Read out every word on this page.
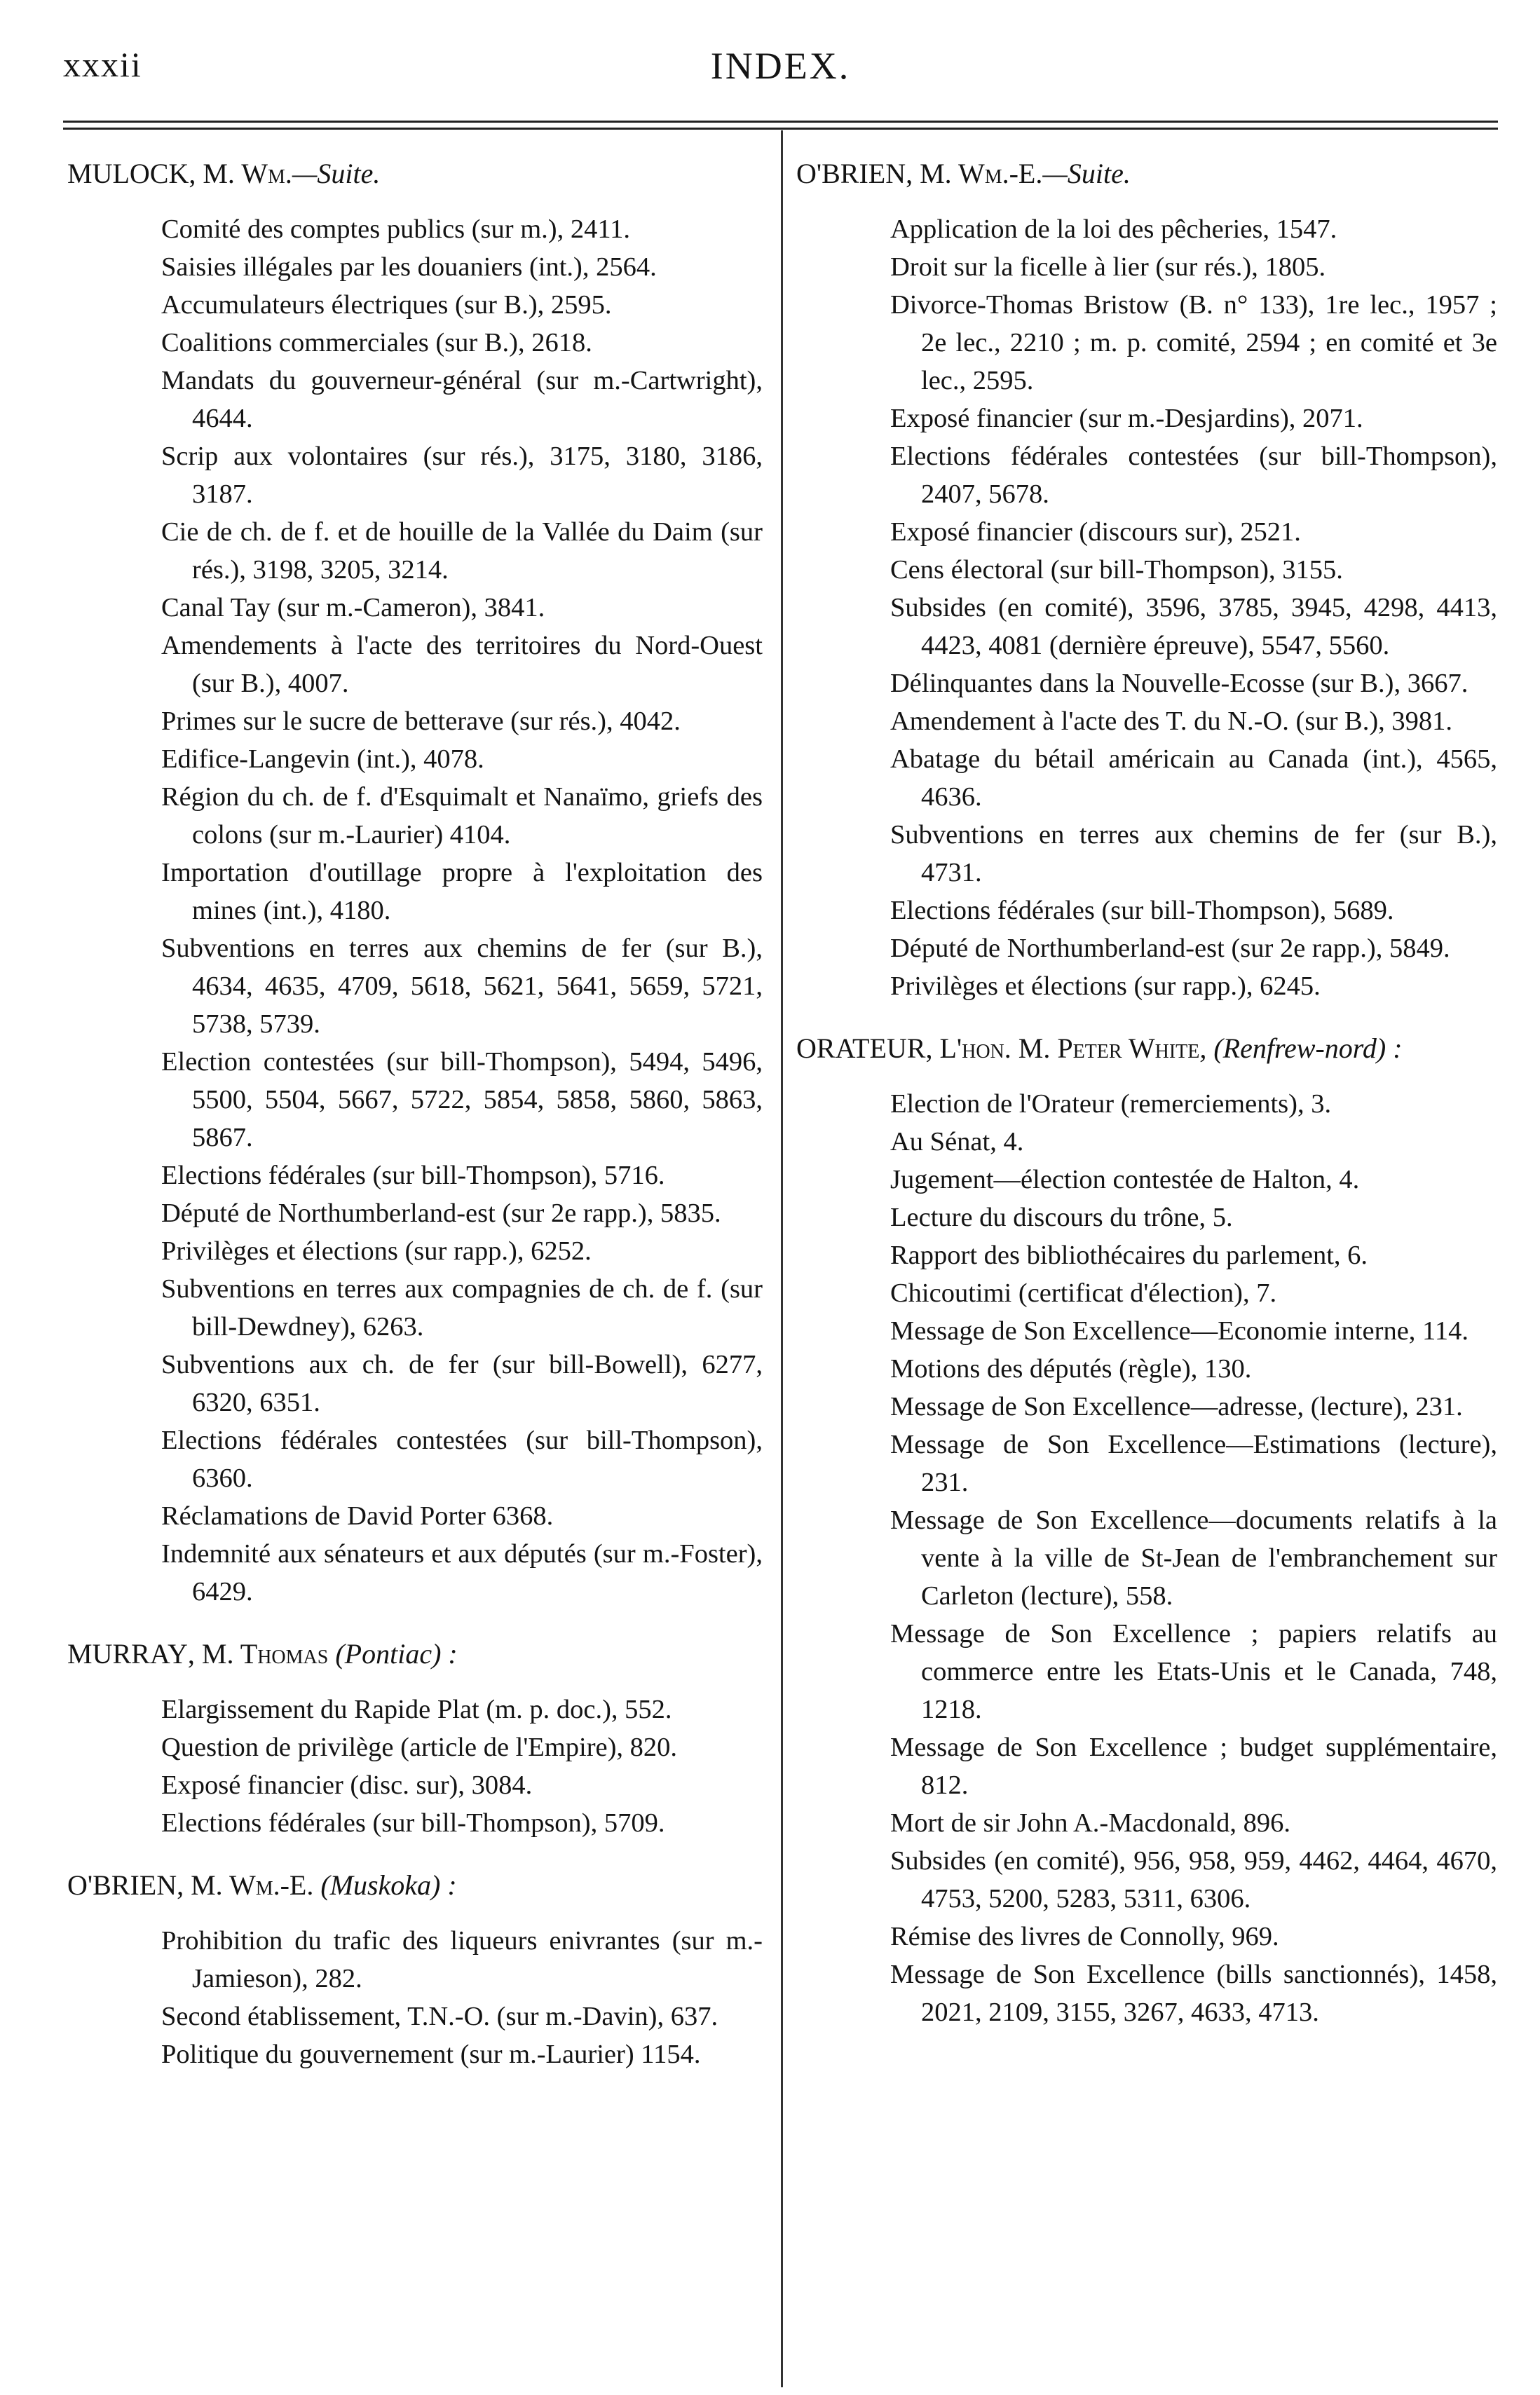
xxxii	INDEX.
MULOCK, M. Wm.—Suite.
Comité des comptes publics (sur m.), 2411.
Saisies illégales par les douaniers (int.), 2564.
Accumulateurs électriques (sur B.), 2595.
Coalitions commerciales (sur B.), 2618.
Mandats du gouverneur-général (sur m.-Cartwright), 4644.
Scrip aux volontaires (sur rés.), 3175, 3180, 3186, 3187.
Cie de ch. de f. et de houille de la Vallée du Daim (sur rés.), 3198, 3205, 3214.
Canal Tay (sur m.-Cameron), 3841.
Amendements à l'acte des territoires du Nord-Ouest (sur B.), 4007.
Primes sur le sucre de betterave (sur rés.), 4042.
Edifice-Langevin (int.), 4078.
Région du ch. de f. d'Esquimalt et Nanaïmo, griefs des colons (sur m.-Laurier) 4104.
Importation d'outillage propre à l'exploitation des mines (int.), 4180.
Subventions en terres aux chemins de fer (sur B.), 4634, 4635, 4709, 5618, 5621, 5641, 5659, 5721, 5738, 5739.
Election contestées (sur bill-Thompson), 5494, 5496, 5500, 5504, 5667, 5722, 5854, 5858, 5860, 5863, 5867.
Elections fédérales (sur bill-Thompson), 5716.
Député de Northumberland-est (sur 2e rapp.), 5835.
Privilèges et élections (sur rapp.), 6252.
Subventions en terres aux compagnies de ch. de f. (sur bill-Dewdney), 6263.
Subventions aux ch. de fer (sur bill-Bowell), 6277, 6320, 6351.
Elections fédérales contestées (sur bill-Thompson), 6360.
Réclamations de David Porter 6368.
Indemnité aux sénateurs et aux députés (sur m.-Foster), 6429.
MURRAY, M. Thomas (Pontiac) :
Elargissement du Rapide Plat (m. p. doc.), 552.
Question de privilège (article de l'Empire), 820.
Exposé financier (disc. sur), 3084.
Elections fédérales (sur bill-Thompson), 5709.
O'BRIEN, M. Wm.-E. (Muskoka) :
Prohibition du trafic des liqueurs enivrantes (sur m.-Jamieson), 282.
Second établissement, T.N.-O. (sur m.-Davin), 637.
Politique du gouvernement (sur m.-Laurier) 1154.
O'BRIEN, M. Wm.-E.—Suite.
Application de la loi des pêcheries, 1547.
Droit sur la ficelle à lier (sur rés.), 1805.
Divorce-Thomas Bristow (B. n° 133), 1re lec., 1957 ; 2e lec., 2210 ; m. p. comité, 2594 ; en comité et 3e lec., 2595.
Exposé financier (sur m.-Desjardins), 2071.
Elections fédérales contestées (sur bill-Thompson), 2407, 5678.
Exposé financier (discours sur), 2521.
Cens électoral (sur bill-Thompson), 3155.
Subsides (en comité), 3596, 3785, 3945, 4298, 4413, 4423, 4081 (dernière épreuve), 5547, 5560.
Délinquantes dans la Nouvelle-Ecosse (sur B.), 3667.
Amendement à l'acte des T. du N.-O. (sur B.), 3981.
Abatage du bétail américain au Canada (int.), 4565, 4636.
Subventions en terres aux chemins de fer (sur B.), 4731.
Elections fédérales (sur bill-Thompson), 5689.
Député de Northumberland-est (sur 2e rapp.), 5849.
Privilèges et élections (sur rapp.), 6245.
ORATEUR, L'hon. M. Peter White, (Renfrew-nord) :
Election de l'Orateur (remerciements), 3.
Au Sénat, 4.
Jugement—élection contestée de Halton, 4.
Lecture du discours du trône, 5.
Rapport des bibliothécaires du parlement, 6.
Chicoutimi (certificat d'élection), 7.
Message de Son Excellence—Economie interne, 114.
Motions des députés (règle), 130.
Message de Son Excellence—adresse, (lecture), 231.
Message de Son Excellence—Estimations (lecture), 231.
Message de Son Excellence—documents relatifs à la vente à la ville de St-Jean de l'embranchement sur Carleton (lecture), 558.
Message de Son Excellence ; papiers relatifs au commerce entre les Etats-Unis et le Canada, 748, 1218.
Message de Son Excellence ; budget supplémentaire, 812.
Mort de sir John A.-Macdonald, 896.
Subsides (en comité), 956, 958, 959, 4462, 4464, 4670, 4753, 5200, 5283, 5311, 6306.
Rémise des livres de Connolly, 969.
Message de Son Excellence (bills sanctionnés), 1458, 2021, 2109, 3155, 3267, 4633, 4713.
